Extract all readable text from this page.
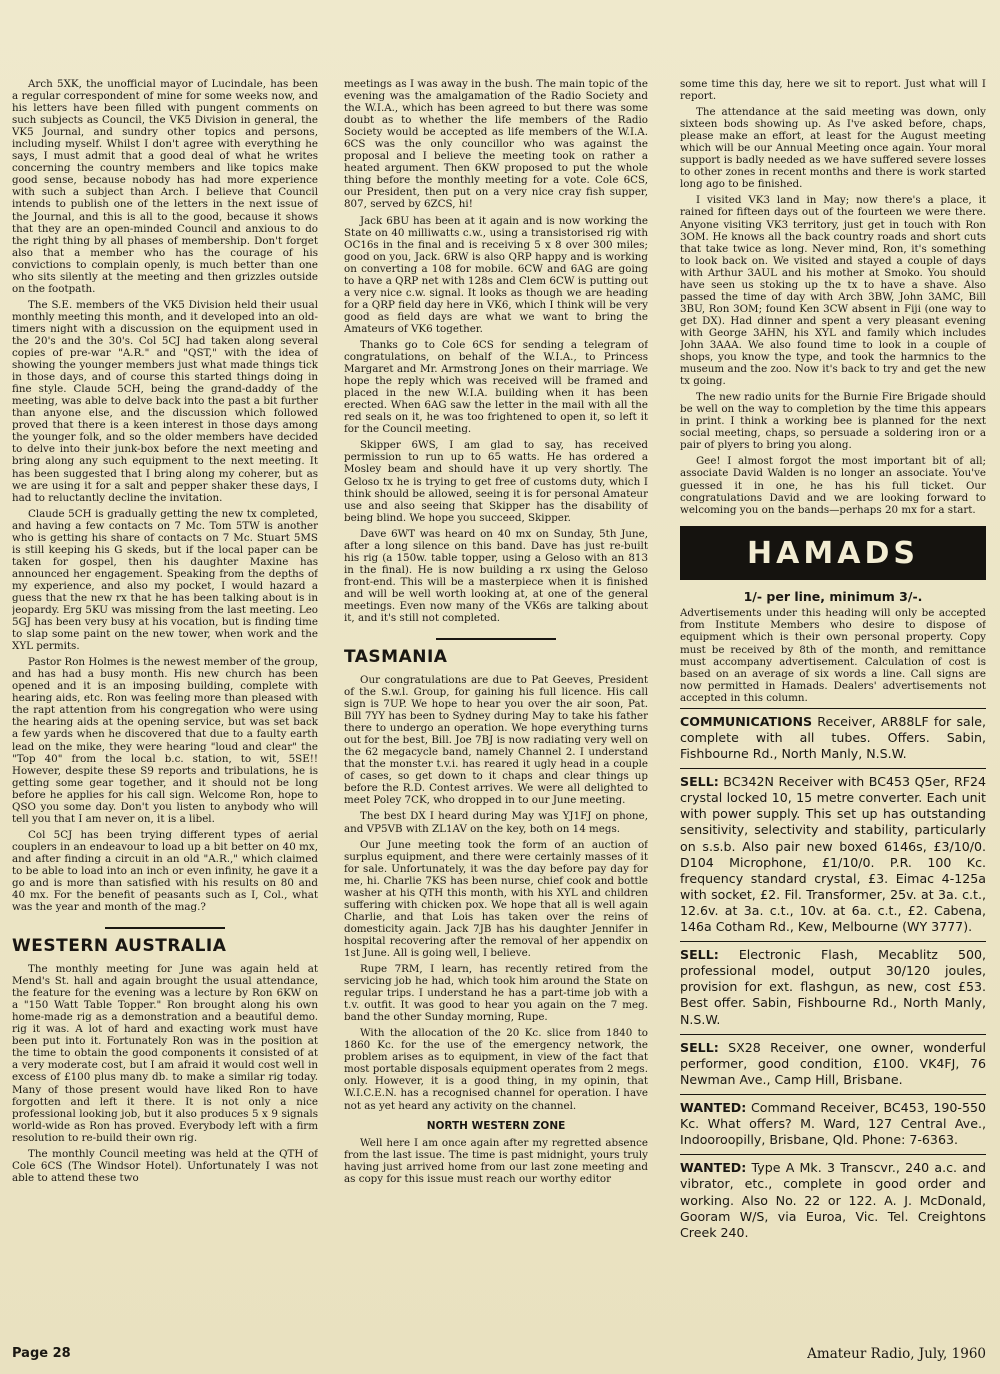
Arch 5XK, the unofficial mayor of Lucindale, has been a regular correspondent of mine for some weeks now, and his letters have been filled with pungent comments on such subjects as Council, the VK5 Division in general, the VK5 Journal, and sundry other topics and persons, including myself. Whilst I don't agree with everything he says, I must admit that a good deal of what he writes concerning the country members and like topics make good sense, because nobody has had more experience with such a subject than Arch. I believe that Council intends to publish one of the letters in the next issue of the Journal, and this is all to the good, because it shows that they are an open-minded Council and anxious to do the right thing by all phases of membership. Don't forget also that a member who has the courage of his convictions to complain openly, is much better than one who sits silently at the meeting and then grizzles outside on the footpath.

The S.E. members of the VK5 Division held their usual monthly meeting this month, and it developed into an old-timers night with a discussion on the equipment used in the 20's and the 30's. Col 5CJ had taken along several copies of pre-war "A.R." and "QST," with the idea of showing the younger members just what made things tick in those days, and of course this started things doing in fine style. Claude 5CH, being the grand-daddy of the meeting, was able to delve back into the past a bit further than anyone else, and the discussion which followed proved that there is a keen interest in those days among the younger folk, and so the older members have decided to delve into their junk-box before the next meeting and bring along any such equipment to the next meeting. It has been suggested that I bring along my coherer, but as we are using it for a salt and pepper shaker these days, I had to reluctantly decline the invitation.

Claude 5CH is gradually getting the new tx completed, and having a few contacts on 7 Mc. Tom 5TW is another who is getting his share of contacts on 7 Mc. Stuart 5MS is still keeping his G skeds, but if the local paper can be taken for gospel, then his daughter Maxine has announced her engagement. Speaking from the depths of my experience, and also my pocket, I would hazard a guess that the new rx that he has been talking about is in jeopardy. Erg 5KU was missing from the last meeting. Leo 5GJ has been very busy at his vocation, but is finding time to slap some paint on the new tower, when work and the XYL permits.

Pastor Ron Holmes is the newest member of the group, and has had a busy month. His new church has been opened and it is an imposing building, complete with hearing aids, etc. Ron was feeling more than pleased with the rapt attention from his congregation who were using the hearing aids at the opening service, but was set back a few yards when he discovered that due to a faulty earth lead on the mike, they were hearing "loud and clear" the "Top 40" from the local b.c. station, to wit, 5SE!! However, despite these S9 reports and tribulations, he is getting some gear together, and it should not be long before he applies for his call sign. Welcome Ron, hope to QSO you some day. Don't you listen to anybody who will tell you that I am never on, it is a libel.

Col 5CJ has been trying different types of aerial couplers in an endeavour to load up a bit better on 40 mx, and after finding a circuit in an old "A.R.," which claimed to be able to load into an inch or even infinity, he gave it a go and is more than satisfied with his results on 80 and 40 mx. For the benefit of peasants such as I, Col., what was the year and month of the mag.?

WESTERN AUSTRALIA

The monthly meeting for June was again held at Mend's St. hall and again brought the usual attendance, the feature for the evening was a lecture by Ron 6KW on a "150 Watt Table Topper." Ron brought along his own home-made rig as a demonstration and a beautiful demo. rig it was. A lot of hard and exacting work must have been put into it. Fortunately Ron was in the position at the time to obtain the good components it consisted of at a very moderate cost, but I am afraid it would cost well in excess of £100 plus many db. to make a similar rig today. Many of those present would have liked Ron to have forgotten and left it there. It is not only a nice professional looking job, but it also produces 5 x 9 signals world-wide as Ron has proved. Everybody left with a firm resolution to re-build their own rig.

The monthly Council meeting was held at the QTH of Cole 6CS (The Windsor Hotel). Unfortunately I was not able to attend these two

meetings as I was away in the bush. The main topic of the evening was the amalgamation of the Radio Society and the W.I.A., which has been agreed to but there was some doubt as to whether the life members of the Radio Society would be accepted as life members of the W.I.A. 6CS was the only councillor who was against the proposal and I believe the meeting took on rather a heated argument. Then 6KW proposed to put the whole thing before the monthly meeting for a vote. Cole 6CS, our President, then put on a very nice cray fish supper, 807, served by 6ZCS, hi!

Jack 6BU has been at it again and is now working the State on 40 milliwatts c.w., using a transistorised rig with OC16s in the final and is receiving 5 x 8 over 300 miles; good on you, Jack. 6RW is also QRP happy and is working on converting a 108 for mobile. 6CW and 6AG are going to have a QRP net with 128s and Clem 6CW is putting out a very nice c.w. signal. It looks as though we are heading for a QRP field day here in VK6, which I think will be very good as field days are what we want to bring the Amateurs of VK6 together.

Thanks go to Cole 6CS for sending a telegram of congratulations, on behalf of the W.I.A., to Princess Margaret and Mr. Armstrong Jones on their marriage. We hope the reply which was received will be framed and placed in the new W.I.A. building when it has been erected. When 6AG saw the letter in the mail with all the red seals on it, he was too frightened to open it, so left it for the Council meeting.

Skipper 6WS, I am glad to say, has received permission to run up to 65 watts. He has ordered a Mosley beam and should have it up very shortly. The Geloso tx he is trying to get free of customs duty, which I think should be allowed, seeing it is for personal Amateur use and also seeing that Skipper has the disability of being blind. We hope you succeed, Skipper.

Dave 6WT was heard on 40 mx on Sunday, 5th June, after a long silence on this band. Dave has just re-built his rig (a 150w. table topper, using a Geloso with an 813 in the final). He is now building a rx using the Geloso front-end. This will be a masterpiece when it is finished and will be well worth looking at, at one of the general meetings. Even now many of the VK6s are talking about it, and it's still not completed.

TASMANIA

Our congratulations are due to Pat Geeves, President of the S.w.l. Group, for gaining his full licence. His call sign is 7UP. We hope to hear you over the air soon, Pat. Bill 7YY has been to Sydney during May to take his father there to undergo an operation. We hope everything turns out for the best, Bill. Joe 7BJ is now radiating very well on the 62 megacycle band, namely Channel 2. I understand that the monster t.v.i. has reared it ugly head in a couple of cases, so get down to it chaps and clear things up before the R.D. Contest arrives. We were all delighted to meet Poley 7CK, who dropped in to our June meeting.

The best DX I heard during May was YJ1FJ on phone, and VP5VB with ZL1AV on the key, both on 14 megs.

Our June meeting took the form of an auction of surplus equipment, and there were certainly masses of it for sale. Unfortunately, it was the day before pay day for me, hi. Charlie 7KS has been nurse, chief cook and bottle washer at his QTH this month, with his XYL and children suffering with chicken pox. We hope that all is well again Charlie, and that Lois has taken over the reins of domesticity again. Jack 7JB has his daughter Jennifer in hospital recovering after the removal of her appendix on 1st June. All is going well, I believe.

Rupe 7RM, I learn, has recently retired from the servicing job he had, which took him around the State on regular trips. I understand he has a part-time job with a t.v. outfit. It was good to hear you again on the 7 meg. band the other Sunday morning, Rupe.

With the allocation of the 20 Kc. slice from 1840 to 1860 Kc. for the use of the emergency network, the problem arises as to equipment, in view of the fact that most portable disposals equipment operates from 2 megs. only. However, it is a good thing, in my opinin, that W.I.C.E.N. has a recognised channel for operation. I have not as yet heard any activity on the channel.

NORTH WESTERN ZONE

Well here I am once again after my regretted absence from the last issue. The time is past midnight, yours truly having just arrived home from our last zone meeting and as copy for this issue must reach our worthy editor

some time this day, here we sit to report. Just what will I report.

The attendance at the said meeting was down, only sixteen bods showing up. As I've asked before, chaps, please make an effort, at least for the August meeting which will be our Annual Meeting once again. Your moral support is badly needed as we have suffered severe losses to other zones in recent months and there is work started long ago to be finished.

I visited VK3 land in May; now there's a place, it rained for fifteen days out of the fourteen we were there. Anyone visiting VK3 territory, just get in touch with Ron 3OM. He knows all the back country roads and short cuts that take twice as long. Never mind, Ron, it's something to look back on. We visited and stayed a couple of days with Arthur 3AUL and his mother at Smoko. You should have seen us stoking up the tx to have a shave. Also passed the time of day with Arch 3BW, John 3AMC, Bill 3BU, Ron 3OM; found Ken 3CW absent in Fiji (one way to get DX). Had dinner and spent a very pleasant evening with George 3AHN, his XYL and family which includes John 3AAA. We also found time to look in a couple of shops, you know the type, and took the harmnics to the museum and the zoo. Now it's back to try and get the new tx going.

The new radio units for the Burnie Fire Brigade should be well on the way to completion by the time this appears in print. I think a working bee is planned for the next social meeting, chaps, so persuade a soldering iron or a pair of plyers to bring you along.

Gee! I almost forgot the most important bit of all; associate David Walden is no longer an associate. You've guessed it in one, he has his full ticket. Our congratulations David and we are looking forward to welcoming you on the bands—perhaps 20 mx for a start.

HAMADS
1/- per line, minimum 3/-.

Advertisements under this heading will only be accepted from Institute Members who desire to dispose of equipment which is their own personal property. Copy must be received by 8th of the month, and remittance must accompany advertisement. Calculation of cost is based on an average of six words a line. Call signs are now permitted in Hamads. Dealers' advertisements not accepted in this column.

COMMUNICATIONS Receiver, AR88LF for sale, complete with all tubes. Offers. Sabin, Fishbourne Rd., North Manly, N.S.W.
SELL: BC342N Receiver with BC453 Q5er, RF24 crystal locked 10, 15 metre converter. Each unit with power supply. This set up has outstanding sensitivity, selectivity and stability, particularly on s.s.b. Also pair new boxed 6146s, £3/10/0. D104 Microphone, £1/10/0. P.R. 100 Kc. frequency standard crystal, £3. Eimac 4-125a with socket, £2. Fil. Transformer, 25v. at 3a. c.t., 12.6v. at 3a. c.t., 10v. at 6a. c.t., £2. Cabena, 146a Cotham Rd., Kew, Melbourne (WY 3777).
SELL: Electronic Flash, Mecablitz 500, professional model, output 30/120 joules, provision for ext. flashgun, as new, cost £53. Best offer. Sabin, Fishbourne Rd., North Manly, N.S.W.
SELL: SX28 Receiver, one owner, wonderful performer, good condition, £100. VK4FJ, 76 Newman Ave., Camp Hill, Brisbane.
WANTED: Command Receiver, BC453, 190-550 Kc. What offers? M. Ward, 127 Central Ave., Indooroopilly, Brisbane, Qld. Phone: 7-6363.
WANTED: Type A Mk. 3 Transcvr., 240 a.c. and vibrator, etc., complete in good order and working. Also No. 22 or 122. A. J. McDonald, Gooram W/S, via Euroa, Vic. Tel. Creightons Creek 240.
Page 28	Amateur Radio, July, 1960
